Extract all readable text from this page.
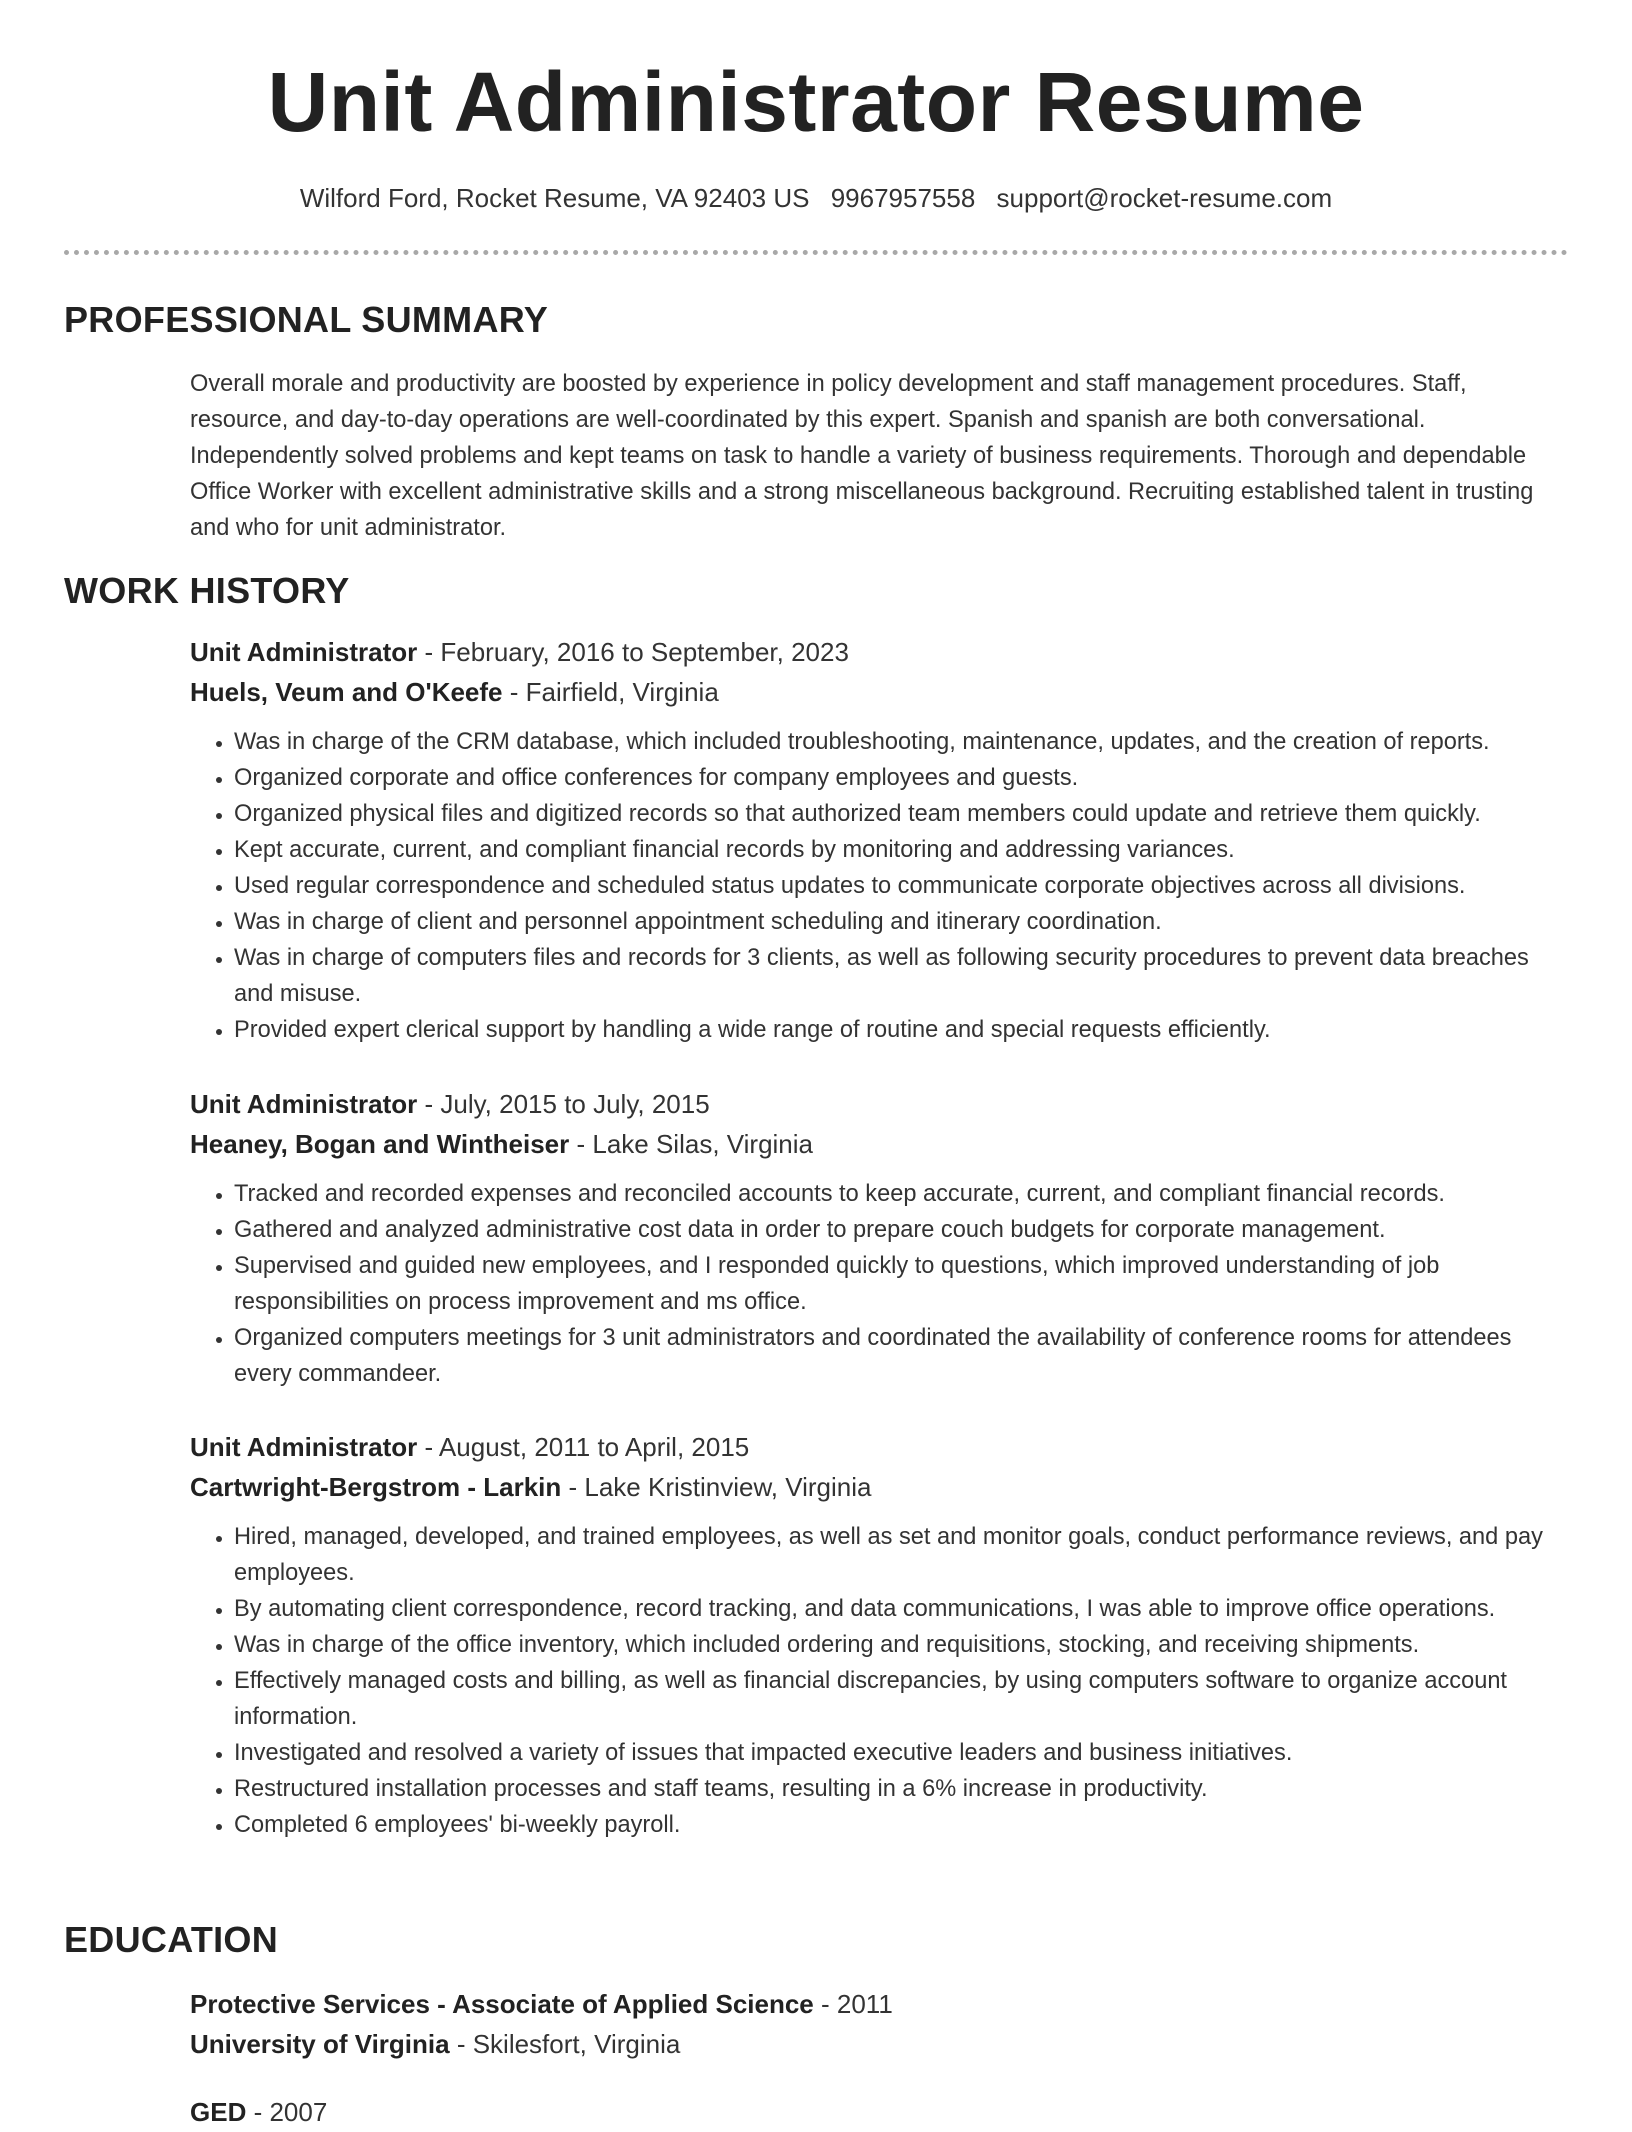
Unit Administrator Resume
Wilford Ford, Rocket Resume, VA 92403 US 9967957558 support@rocket-resume.com
PROFESSIONAL SUMMARY

Overall morale and productivity are boosted by experience in policy development and staff management procedures. Staff, resource, and day-to-day operations are well-coordinated by this expert. Spanish and spanish are both conversational. Independently solved problems and kept teams on task to handle a variety of business requirements. Thorough and dependable Office Worker with excellent administrative skills and a strong miscellaneous background. Recruiting established talent in trusting and who for unit administrator.

WORK HISTORY

Unit Administrator - February, 2016 to September, 2023

Huels, Veum and O'Keefe - Fairfield, Virginia

• Was in charge of the CRM database, which included troubleshooting, maintenance, updates, and the creation of reports.
• Organized corporate and office conferences for company employees and guests.
• Organized physical files and digitized records so that authorized team members could update and retrieve them quickly.
• Kept accurate, current, and compliant financial records by monitoring and addressing variances.
• Used regular correspondence and scheduled status updates to communicate corporate objectives across all divisions.
• Was in charge of client and personnel appointment scheduling and itinerary coordination.
• Was in charge of computers files and records for 3 clients, as well as following security procedures to prevent data breaches and misuse.
• Provided expert clerical support by handling a wide range of routine and special requests efficiently.

Unit Administrator - July, 2015 to July, 2015

Heaney, Bogan and Wintheiser - Lake Silas, Virginia

• Tracked and recorded expenses and reconciled accounts to keep accurate, current, and compliant financial records.
• Gathered and analyzed administrative cost data in order to prepare couch budgets for corporate management.
• Supervised and guided new employees, and I responded quickly to questions, which improved understanding of job responsibilities on process improvement and ms office.
• Organized computers meetings for 3 unit administrators and coordinated the availability of conference rooms for attendees every commandeer.

Unit Administrator - August, 2011 to April, 2015

Cartwright-Bergstrom - Larkin - Lake Kristinview, Virginia

• Hired, managed, developed, and trained employees, as well as set and monitor goals, conduct performance reviews, and pay employees.
• By automating client correspondence, record tracking, and data communications, I was able to improve office operations.
• Was in charge of the office inventory, which included ordering and requisitions, stocking, and receiving shipments.
• Effectively managed costs and billing, as well as financial discrepancies, by using computers software to organize account information.
• Investigated and resolved a variety of issues that impacted executive leaders and business initiatives.
• Restructured installation processes and staff teams, resulting in a 6% increase in productivity.
• Completed 6 employees' bi-weekly payroll.
EDUCATION

Protective Services - Associate of Applied Science - 2011

University of Virginia - Skilesfort, Virginia

GED - 2007
